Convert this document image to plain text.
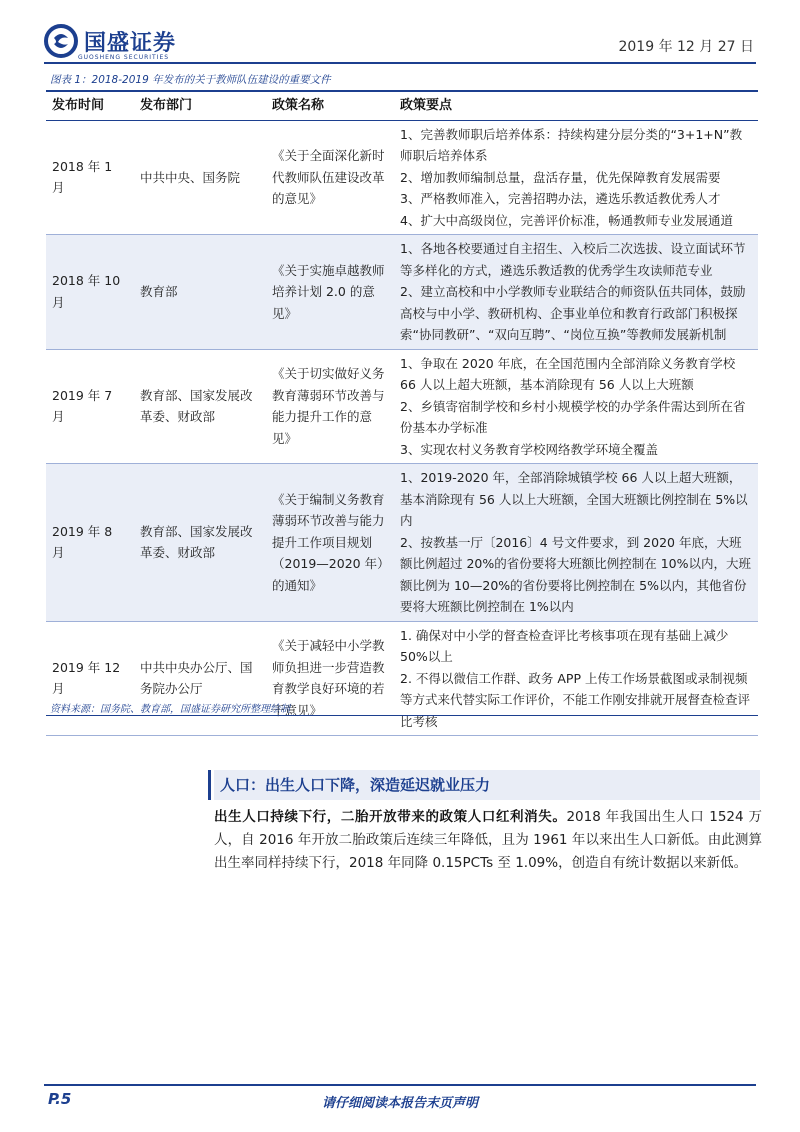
国盛证券
GUOSHENG SECURITIES
2019 年 12 月 27 日
图表 1：2018-2019 年发布的关于教师队伍建设的重要文件
发布时间	发布部门	政策名称	政策要点
2018 年 1 月	中共中央、国务院	《关于全面深化新时代教师队伍建设改革的意见》	1、完善教师职后培养体系：持续构建分层分类的“3+1+N”教师职后培养体系
2、增加教师编制总量，盘活存量，优先保障教育发展需要
3、严格教师准入，完善招聘办法，遴选乐教适教优秀人才
4、扩大中高级岗位，完善评价标准，畅通教师专业发展通道

2018 年 10 月	教育部	《关于实施卓越教师培养计划 2.0 的意见》	1、各地各校要通过自主招生、入校后二次选拔、设立面试环节等多样化的方式，遴选乐教适教的优秀学生攻读师范专业
2、建立高校和中小学教师专业联结合的师资队伍共同体，鼓励高校与中小学、教研机构、企事业单位和教育行政部门积极探索“协同教研”、“双向互聘”、“岗位互换”等教师发展新机制

2019 年 7 月	教育部、国家发展改革委、财政部	《关于切实做好义务教育薄弱环节改善与能力提升工作的意见》	1、争取在 2020 年底，在全国范围内全部消除义务教育学校 66 人以上超大班额，基本消除现有 56 人以上大班额
2、乡镇寄宿制学校和乡村小规模学校的办学条件需达到所在省份基本办学标准
3、实现农村义务教育学校网络教学环境全覆盖

2019 年 8 月	教育部、国家发展改革委、财政部	《关于编制义务教育薄弱环节改善与能力提升工作项目规划（2019—2020 年）的通知》	1、2019-2020 年，全部消除城镇学校 66 人以上超大班额，基本消除现有 56 人以上大班额，全国大班额比例控制在 5%以内
2、按教基一厅〔2016〕4 号文件要求，到 2020 年底，大班额比例超过 20%的省份要将大班额比例控制在 10%以内，大班额比例为 10—20%的省份要将比例控制在 5%以内，其他省份要将大班额比例控制在 1%以内

2019 年 12 月	中共中央办公厅、国务院办公厅	《关于减轻中小学教师负担进一步营造教育教学良好环境的若干意见》	1. 确保对中小学的督查检查评比考核事项在现有基础上减少 50%以上
2. 不得以微信工作群、政务 APP 上传工作场景截图或录制视频等方式来代替实际工作评价，不能工作刚安排就开展督查检查评比考核
资料来源：国务院、教育部，国盛证券研究所整理绘制
人口：出生人口下降，深造延迟就业压力
出生人口持续下行，二胎开放带来的政策人口红利消失。2018 年我国出生人口 1524 万人，自 2016 年开放二胎政策后连续三年降低，且为 1961 年以来出生人口新低。由此测算出生率同样持续下行，2018 年同降 0.15PCTs 至 1.09%，创造自有统计数据以来新低。
P.5	请仔细阅读本报告末页声明
